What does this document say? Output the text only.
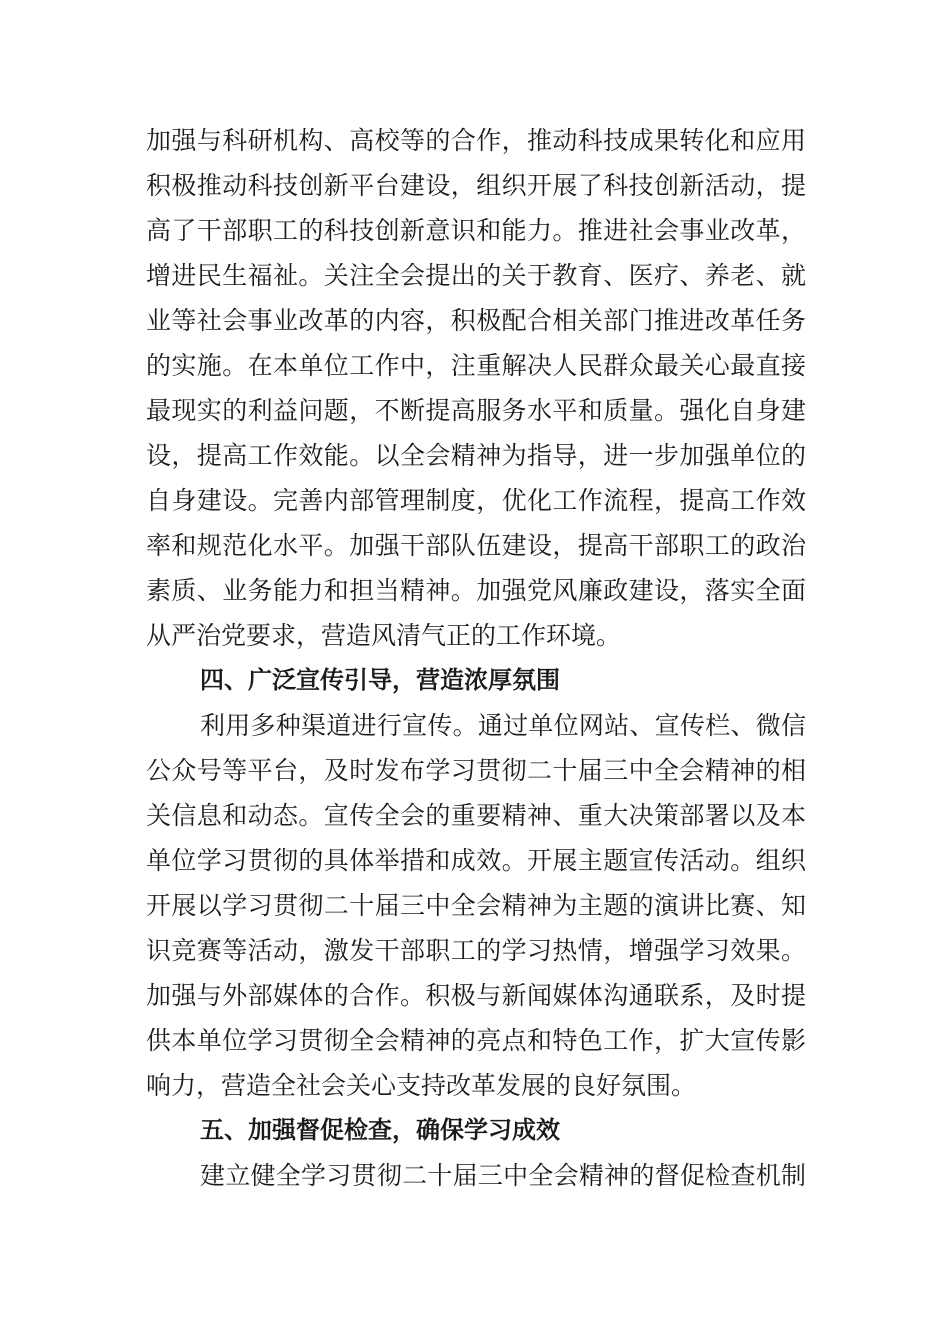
加强与科研机构、高校等的合作，推动科技成果转化和应用
积极推动科技创新平台建设，组织开展了科技创新活动，提
高了干部职工的科技创新意识和能力。推进社会事业改革，
增进民生福祉。关注全会提出的关于教育、医疗、养老、就
业等社会事业改革的内容，积极配合相关部门推进改革任务
的实施。在本单位工作中，注重解决人民群众最关心最直接
最现实的利益问题，不断提高服务水平和质量。强化自身建
设，提高工作效能。以全会精神为指导，进一步加强单位的
自身建设。完善内部管理制度，优化工作流程，提高工作效
率和规范化水平。加强干部队伍建设，提高干部职工的政治
素质、业务能力和担当精神。加强党风廉政建设，落实全面
从严治党要求，营造风清气正的工作环境。
四、广泛宣传引导，营造浓厚氛围
利用多种渠道进行宣传。通过单位网站、宣传栏、微信
公众号等平台，及时发布学习贯彻二十届三中全会精神的相
关信息和动态。宣传全会的重要精神、重大决策部署以及本
单位学习贯彻的具体举措和成效。开展主题宣传活动。组织
开展以学习贯彻二十届三中全会精神为主题的演讲比赛、知
识竞赛等活动，激发干部职工的学习热情，增强学习效果。
加强与外部媒体的合作。积极与新闻媒体沟通联系，及时提
供本单位学习贯彻全会精神的亮点和特色工作，扩大宣传影
响力，营造全社会关心支持改革发展的良好氛围。
五、加强督促检查，确保学习成效
建立健全学习贯彻二十届三中全会精神的督促检查机制
